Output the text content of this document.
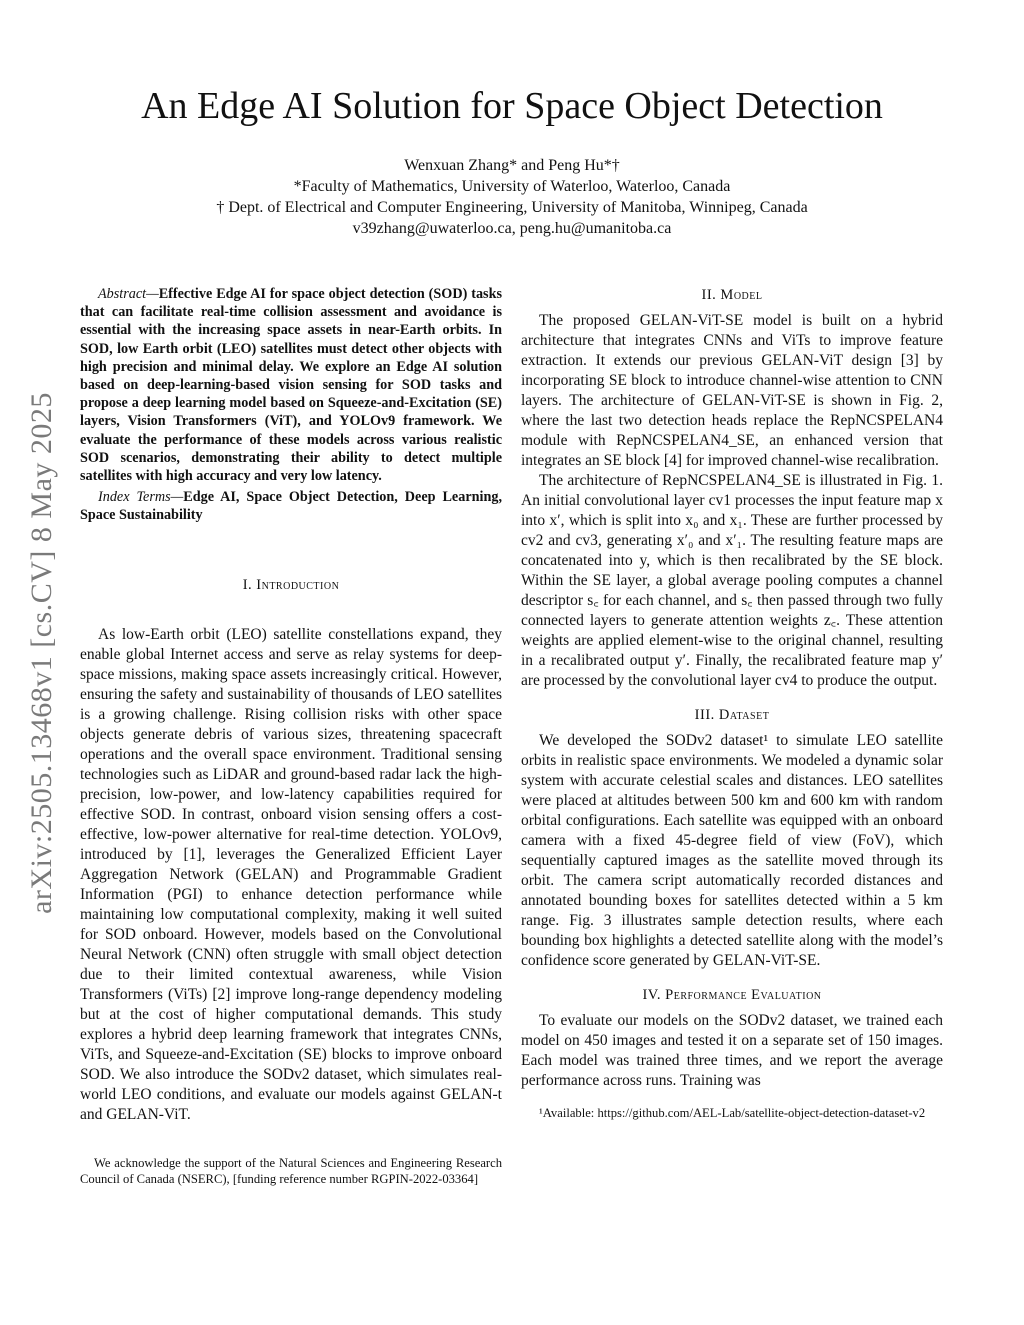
arXiv:2505.13468v1 [cs.CV] 8 May 2025
An Edge AI Solution for Space Object Detection
Wenxuan Zhang* and Peng Hu*†
*Faculty of Mathematics, University of Waterloo, Waterloo, Canada
† Dept. of Electrical and Computer Engineering, University of Manitoba, Winnipeg, Canada
v39zhang@uwaterloo.ca, peng.hu@umanitoba.ca

Abstract—Effective Edge AI for space object detection (SOD) tasks that can facilitate real-time collision assessment and avoidance is essential with the increasing space assets in near-Earth orbits. In SOD, low Earth orbit (LEO) satellites must detect other objects with high precision and minimal delay. We explore an Edge AI solution based on deep-learning-based vision sensing for SOD tasks and propose a deep learning model based on Squeeze-and-Excitation (SE) layers, Vision Transformers (ViT), and YOLOv9 framework. We evaluate the performance of these models across various realistic SOD scenarios, demonstrating their ability to detect multiple satellites with high accuracy and very low latency.

Index Terms—Edge AI, Space Object Detection, Deep Learning, Space Sustainability

I. Introduction

As low-Earth orbit (LEO) satellite constellations expand, they enable global Internet access and serve as relay systems for deep-space missions, making space assets increasingly critical. However, ensuring the safety and sustainability of thousands of LEO satellites is a growing challenge. Rising collision risks with other space objects generate debris of various sizes, threatening spacecraft operations and the overall space environment. Traditional sensing technologies such as LiDAR and ground-based radar lack the high-precision, low-power, and low-latency capabilities required for effective SOD. In contrast, onboard vision sensing offers a cost-effective, low-power alternative for real-time detection. YOLOv9, introduced by [1], leverages the Generalized Efficient Layer Aggregation Network (GELAN) and Programmable Gradient Information (PGI) to enhance detection performance while maintaining low computational complexity, making it well suited for SOD onboard. However, models based on the Convolutional Neural Network (CNN) often struggle with small object detection due to their limited contextual awareness, while Vision Transformers (ViTs) [2] improve long-range dependency modeling but at the cost of higher computational demands. This study explores a hybrid deep learning framework that integrates CNNs, ViTs, and Squeeze-and-Excitation (SE) blocks to improve onboard SOD. We also introduce the SODv2 dataset, which simulates real-world LEO conditions, and evaluate our models against GELAN-t and GELAN-ViT.

We acknowledge the support of the Natural Sciences and Engineering Research Council of Canada (NSERC), [funding reference number RGPIN-2022-03364]

II. Model

The proposed GELAN-ViT-SE model is built on a hybrid architecture that integrates CNNs and ViTs to improve feature extraction. It extends our previous GELAN-ViT design [3] by incorporating SE block to introduce channel-wise attention to CNN layers. The architecture of GELAN-ViT-SE is shown in Fig. 2, where the last two detection heads replace the RepNCSPELAN4 module with RepNCSPELAN4_SE, an enhanced version that integrates an SE block [4] for improved channel-wise recalibration.

The architecture of RepNCSPELAN4_SE is illustrated in Fig. 1. An initial convolutional layer cv1 processes the input feature map x into x′, which is split into x₀ and x₁. These are further processed by cv2 and cv3, generating x′₀ and x′₁. The resulting feature maps are concatenated into y, which is then recalibrated by the SE block. Within the SE layer, a global average pooling computes a channel descriptor s꜀ for each channel, and s꜀ then passed through two fully connected layers to generate attention weights z꜀. These attention weights are applied element-wise to the original channel, resulting in a recalibrated output y′. Finally, the recalibrated feature map y′ are processed by the convolutional layer cv4 to produce the output.

III. Dataset

We developed the SODv2 dataset¹ to simulate LEO satellite orbits in realistic space environments. We modeled a dynamic solar system with accurate celestial scales and distances. LEO satellites were placed at altitudes between 500 km and 600 km with random orbital configurations. Each satellite was equipped with an onboard camera with a fixed 45-degree field of view (FoV), which sequentially captured images as the satellite moved through its orbit. The camera script automatically recorded distances and annotated bounding boxes for satellites detected within a 5 km range. Fig. 3 illustrates sample detection results, where each bounding box highlights a detected satellite along with the model’s confidence score generated by GELAN-ViT-SE.

IV. Performance Evaluation

To evaluate our models on the SODv2 dataset, we trained each model on 450 images and tested it on a separate set of 150 images. Each model was trained three times, and we report the average performance across runs. Training was

¹Available: https://github.com/AEL-Lab/satellite-object-detection-dataset-v2
